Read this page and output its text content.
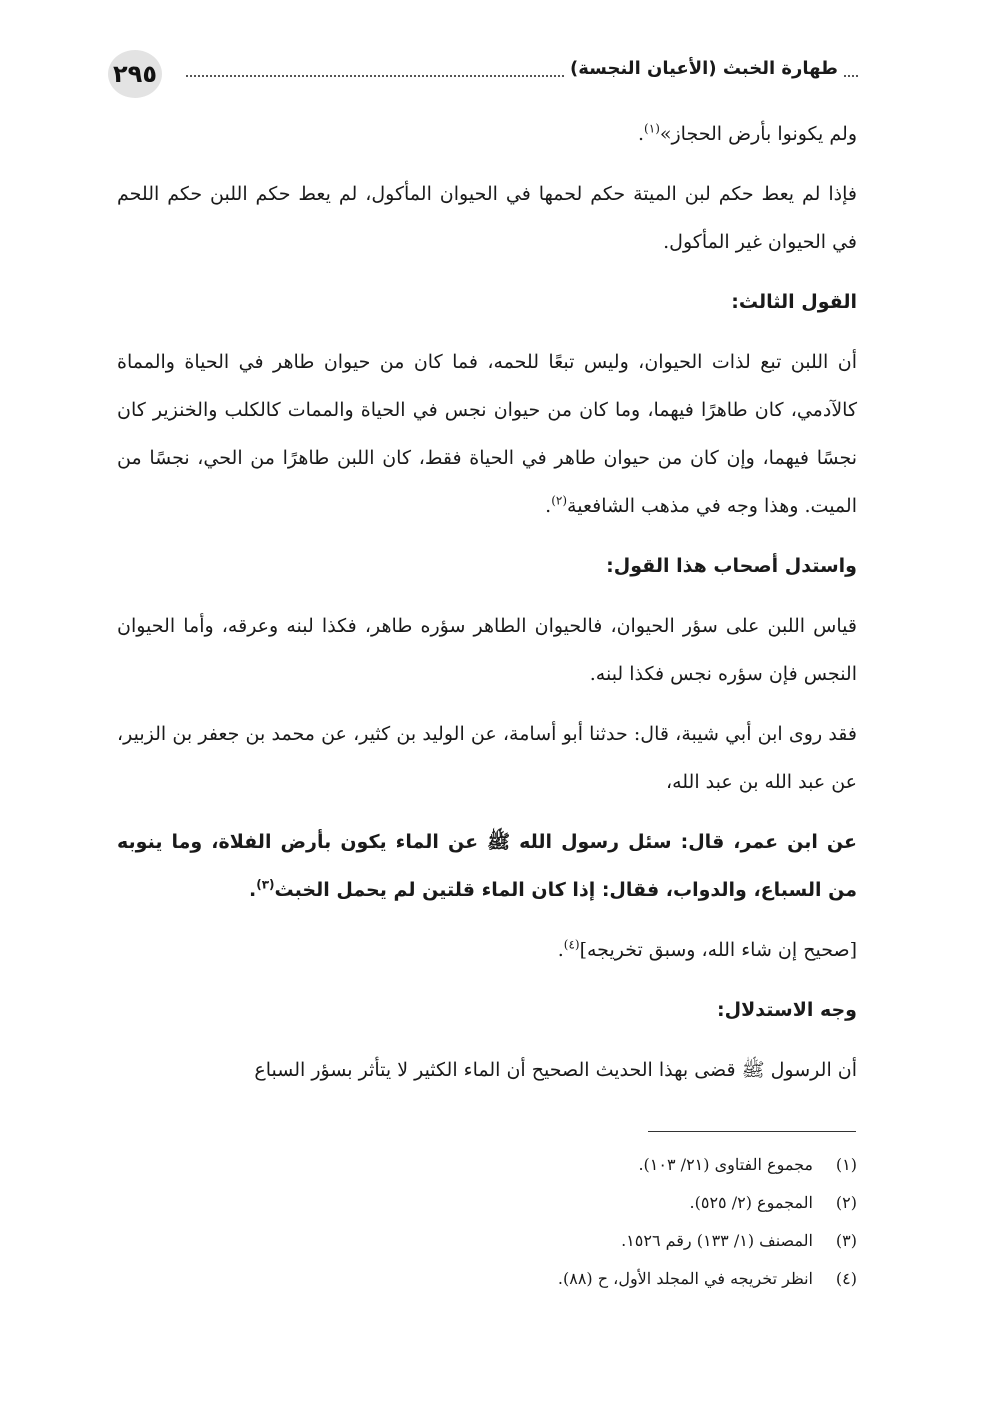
٢٩٥	طهارة الخبث (الأعيان النجسة)

ولم يكونوا بأرض الحجاز»$^{(١)}$.

فإذا لم يعط حكم لبن الميتة حكم لحمها في الحيوان المأكول، لم يعط حكم اللبن حكم اللحم في الحيوان غير المأكول.

القول الثالث:

أن اللبن تبع لذات الحيوان، وليس تبعًا للحمه، فما كان من حيوان طاهر في الحياة والمماة كالآدمي، كان طاهرًا فيهما، وما كان من حيوان نجس في الحياة والممات كالكلب والخنزير كان نجسًا فيهما، وإن كان من حيوان طاهر في الحياة فقط، كان اللبن طاهرًا من الحي، نجسًا من الميت. وهذا وجه في مذهب الشافعية$^{(٢)}$.

واستدل أصحاب هذا القول:

قياس اللبن على سؤر الحيوان، فالحيوان الطاهر سؤره طاهر، فكذا لبنه وعرقه، وأما الحيوان النجس فإن سؤره نجس فكذا لبنه.

فقد روى ابن أبي شيبة، قال: حدثنا أبو أسامة، عن الوليد بن كثير، عن محمد بن جعفر بن الزبير، عن عبد الله بن عبد الله،

عن ابن عمر، قال: سئل رسول الله ﷺ عن الماء يكون بأرض الفلاة، وما ينوبه من السباع، والدواب، فقال: إذا كان الماء قلتين لم يحمل الخبث$^{(٣)}$.

[صحيح إن شاء الله، وسبق تخريجه]$^{(٤)}$.

وجه الاستدلال:

أن الرسول ﷺ قضى بهذا الحديث الصحيح أن الماء الكثير لا يتأثر بسؤر السباع

(١)
مجموع الفتاوى (٢١/ ١٠٣).
(٢)
المجموع (٢/ ٥٢٥).
(٣)
المصنف (١/ ١٣٣) رقم ١٥٢٦.
(٤)
انظر تخريجه في المجلد الأول، ح (٨٨).
